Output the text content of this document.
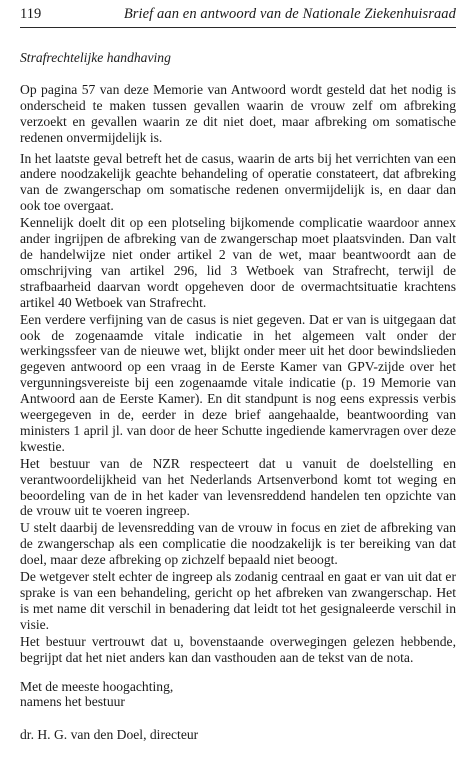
119	Brief aan en antwoord van de Nationale Ziekenhuisraad

Strafrechtelijke handhaving

Op pagina 57 van deze Memorie van Antwoord wordt gesteld dat het nodig is onderscheid te maken tussen gevallen waarin de vrouw zelf om afbreking verzoekt en gevallen waarin ze dit niet doet, maar afbreking om somatische redenen onvermijdelijk is.

In het laatste geval betreft het de casus, waarin de arts bij het verrichten van een andere noodzakelijk geachte behandeling of operatie constateert, dat afbreking van de zwangerschap om somatische redenen onvermijdelijk is, en daar dan ook toe overgaat.

Kennelijk doelt dit op een plotseling bijkomende complicatie waardoor annex ander ingrijpen de afbreking van de zwangerschap moet plaatsvinden. Dan valt de handelwijze niet onder artikel 2 van de wet, maar beantwoordt aan de omschrijving van artikel 296, lid 3 Wetboek van Strafrecht, terwijl de strafbaarheid daarvan wordt opgeheven door de overmachtsituatie krachtens artikel 40 Wetboek van Strafrecht.

Een verdere verfijning van de casus is niet gegeven. Dat er van is uitgegaan dat ook de zogenaamde vitale indicatie in het algemeen valt onder der werkingssfeer van de nieuwe wet, blijkt onder meer uit het door bewindslieden gegeven antwoord op een vraag in de Eerste Kamer van GPV-zijde over het vergunningsvereiste bij een zogenaamde vitale indicatie (p. 19 Memorie van Antwoord aan de Eerste Kamer). En dit standpunt is nog eens expressis verbis weergegeven in de, eerder in deze brief aangehaalde, beantwoording van ministers 1 april jl. van door de heer Schutte ingediende kamervragen over deze kwestie.

Het bestuur van de NZR respecteert dat u vanuit de doelstelling en verantwoordelijkheid van het Nederlands Artsenverbond komt tot weging en beoordeling van de in het kader van levensreddend handelen ten opzichte van de vrouw uit te voeren ingreep.

U stelt daarbij de levensredding van de vrouw in focus en ziet de afbreking van de zwangerschap als een complicatie die noodzakelijk is ter bereiking van dat doel, maar deze afbreking op zichzelf bepaald niet beoogt.

De wetgever stelt echter de ingreep als zodanig centraal en gaat er van uit dat er sprake is van een behandeling, gericht op het afbreken van zwangerschap. Het is met name dit verschil in benadering dat leidt tot het gesignaleerde verschil in visie.

Het bestuur vertrouwt dat u, bovenstaande overwegingen gelezen hebbende, begrijpt dat het niet anders kan dan vasthouden aan de tekst van de nota.

Met de meeste hoogachting,
namens het bestuur
dr. H. G. van den Doel, directeur
